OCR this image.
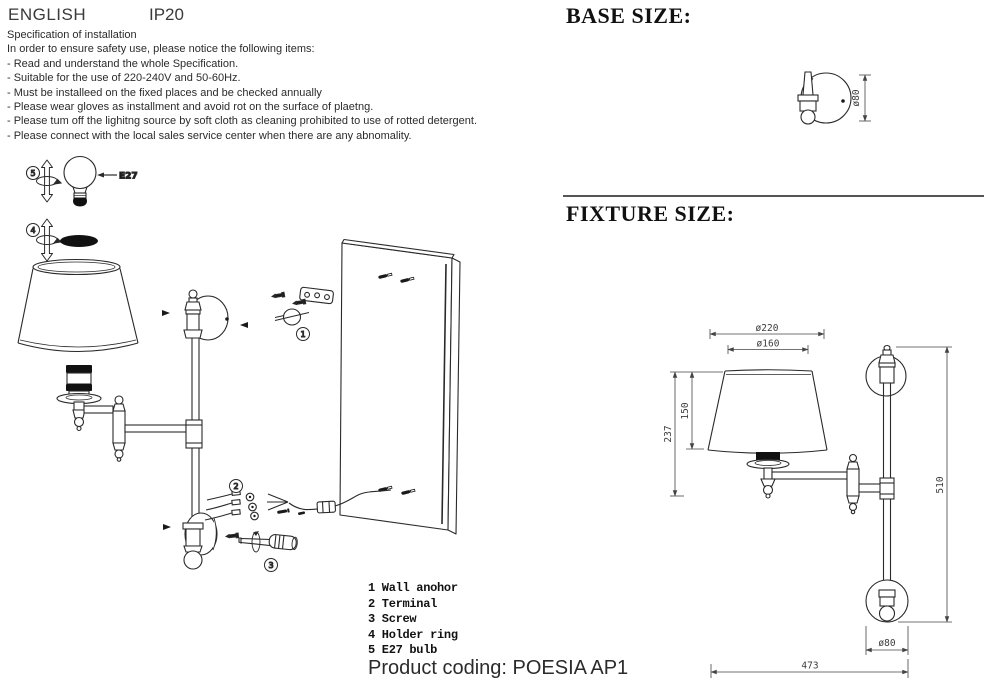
ENGLISH	IP20
Specification of installation
In order to ensure safety use, please notice the following items:
- Read and understand the whole Specification.
- Suitable for the use of 220-240V and 50-60Hz.
- Must be installeed on the fixed places and be checked annually
- Please wear gloves as installment and avoid rot on the surface of plaetng.
- Please tum off the lighitng source by soft cloth as cleaning prohibited to use of rotted detergent.
- Please connect with the local sales service center when there are any abnomality.
5	E27
4
1
2
3
1 Wall anohor
2 Terminal
3 Screw
4 Holder ring
5 E27 bulb
Product coding: POESIA AP1
BASE SIZE:
ø80
FIXTURE SIZE:
ø220
ø160
237
150
510
ø80
473
